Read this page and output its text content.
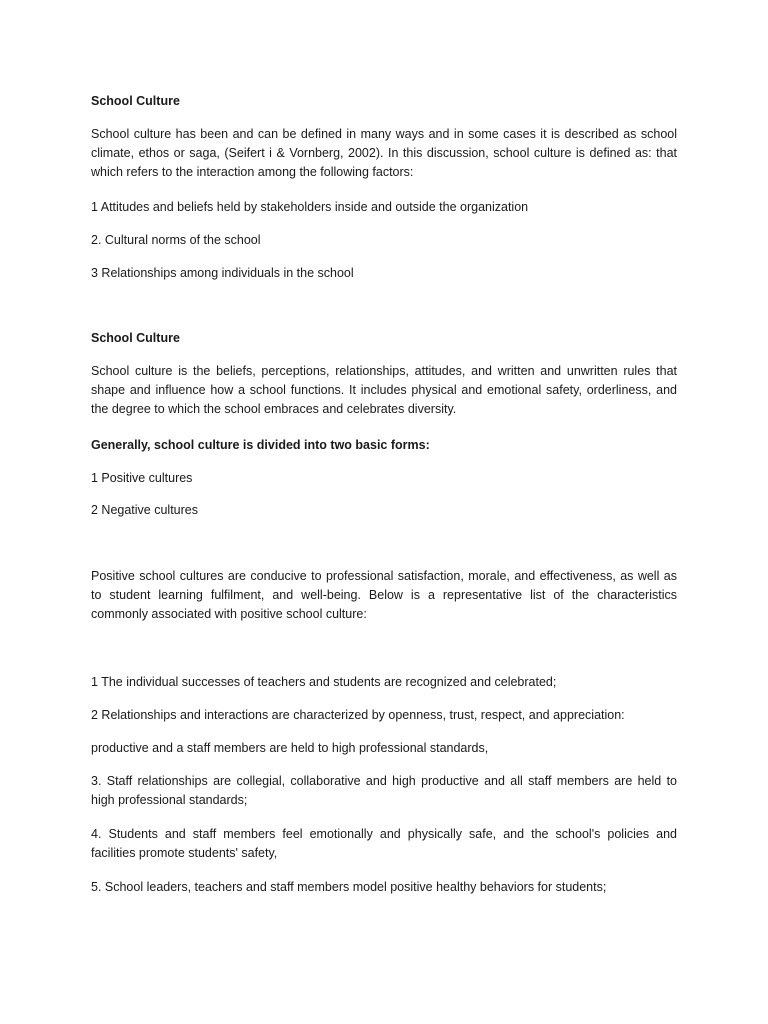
School Culture

School culture has been and can be defined in many ways and in some cases it is described as school
climate, ethos or saga, (Seifert i & Vornberg, 2002). In this discussion, school culture is defined as: that
which refers to the interaction among the following factors:

1 Attitudes and beliefs held by stakeholders inside and outside the organization

2. Cultural norms of the school

3 Relationships among individuals in the school

School Culture

School culture is the beliefs, perceptions, relationships, attitudes, and written and unwritten rules that
shape and influence how a school functions. It includes physical and emotional safety, orderliness, and
the degree to which the school embraces and celebrates diversity.

Generally, school culture is divided into two basic forms:

1 Positive cultures

2 Negative cultures

Positive school cultures are conducive to professional satisfaction, morale, and effectiveness, as well as
to student learning fulfilment, and well-being. Below is a representative list of the characteristics
commonly associated with positive school culture:

1 The individual successes of teachers and students are recognized and celebrated;

2 Relationships and interactions are characterized by openness, trust, respect, and appreciation:

productive and a staff members are held to high professional standards,

3. Staff relationships are collegial, collaborative and high productive and all staff members are held to
high professional standards;

4. Students and staff members feel emotionally and physically safe, and the school's policies and
facilities promote students' safety,

5. School leaders, teachers and staff members model positive healthy behaviors for students;
